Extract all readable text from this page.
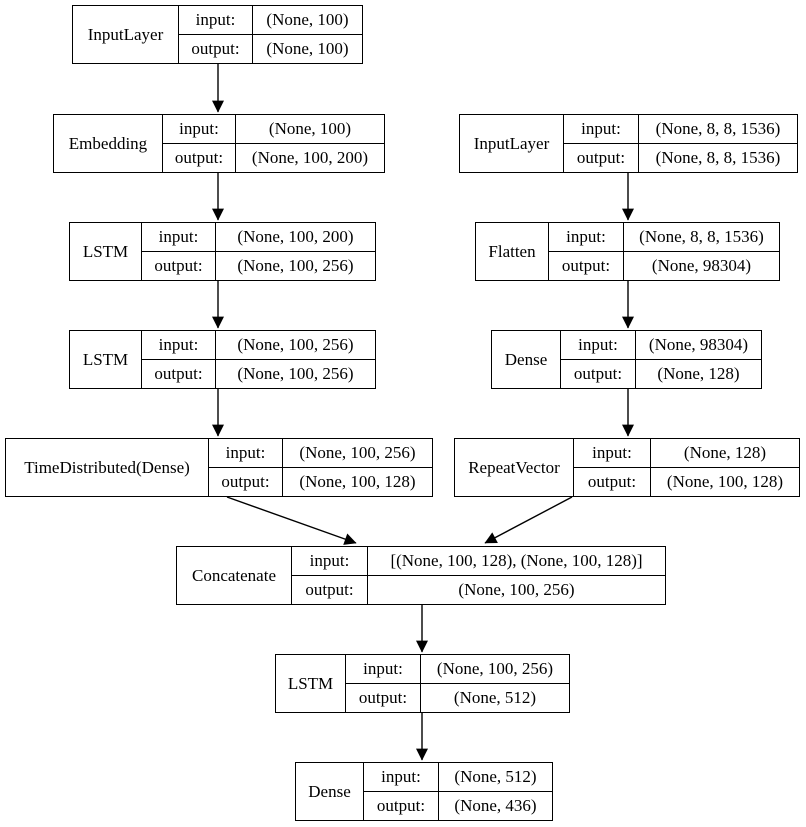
InputLayer
input:	(None, 100)
output:	(None, 100)
Embedding
input:	(None, 100)
output:	(None, 100, 200)
LSTM
input:	(None, 100, 200)
output:	(None, 100, 256)
LSTM
input:	(None, 100, 256)
output:	(None, 100, 256)
TimeDistributed(Dense)
input:	(None, 100, 256)
output:	(None, 100, 128)
InputLayer
input:	(None, 8, 8, 1536)
output:	(None, 8, 8, 1536)
Flatten
input:	(None, 8, 8, 1536)
output:	(None, 98304)
Dense
input:	(None, 98304)
output:	(None, 128)
RepeatVector
input:	(None, 128)
output:	(None, 100, 128)
Concatenate
input:	[(None, 100, 128), (None, 100, 128)]
output:	(None, 100, 256)
LSTM
input:	(None, 100, 256)
output:	(None, 512)
Dense
input:	(None, 512)
output:	(None, 436)
